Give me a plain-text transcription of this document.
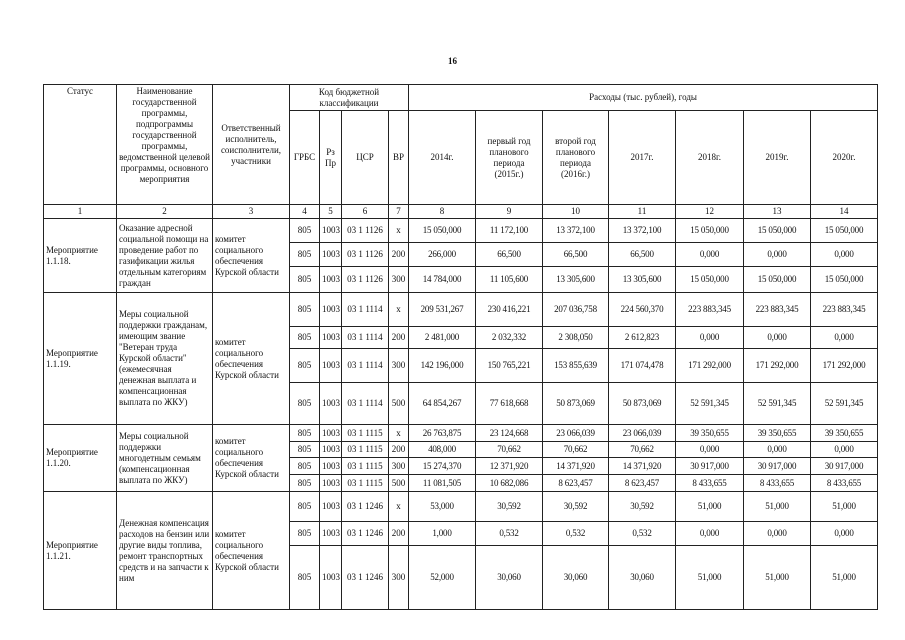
16
Статус	Наименование государственной программы, подпрограммы государственной программы, ведомственной целевой программы, основного мероприятия	Ответственный исполнитель, соисполнители, участники	Код бюджетной классификации				Расходы (тыс. рублей), годы						
			ГРБС	Рз Пр	ЦСР	ВР	2014г.	первый год планового периода (2015г.)	второй год планового периода (2016г.)	2017г.	2018г.	2019г.	2020г.
1	2	3	4	5	6	7	8	9	10	11	12	13	14
Мероприятие 1.1.18.	Оказание адресной социальной помощи на проведение работ по газификации жилья отдельным категориям граждан	комитет социального обеспечения Курской области	805	1003	03 1 1126	х	15 050,000	11 172,100	13 372,100	13 372,100	15 050,000	15 050,000	15 050,000
			805	1003	03 1 1126	200	266,000	66,500	66,500	66,500	0,000	0,000	0,000
			805	1003	03 1 1126	300	14 784,000	11 105,600	13 305,600	13 305,600	15 050,000	15 050,000	15 050,000
Мероприятие 1.1.19.	Меры социальной поддержки гражданам, имеющим звание "Ветеран труда Курской области" (ежемесячная денежная выплата и компенсационная выплата по ЖКУ)	комитет социального обеспечения Курской области	805	1003	03 1 1114	х	209 531,267	230 416,221	207 036,758	224 560,370	223 883,345	223 883,345	223 883,345
			805	1003	03 1 1114	200	2 481,000	2 032,332	2 308,050	2 612,823	0,000	0,000	0,000
			805	1003	03 1 1114	300	142 196,000	150 765,221	153 855,639	171 074,478	171 292,000	171 292,000	171 292,000
			805	1003	03 1 1114	500	64 854,267	77 618,668	50 873,069	50 873,069	52 591,345	52 591,345	52 591,345
Мероприятие 1.1.20.	Меры социальной поддержки многодетным семьям (компенсационная выплата по ЖКУ)	комитет социального обеспечения Курской области	805	1003	03 1 1115	х	26 763,875	23 124,668	23 066,039	23 066,039	39 350,655	39 350,655	39 350,655
			805	1003	03 1 1115	200	408,000	70,662	70,662	70,662	0,000	0,000	0,000
			805	1003	03 1 1115	300	15 274,370	12 371,920	14 371,920	14 371,920	30 917,000	30 917,000	30 917,000
			805	1003	03 1 1115	500	11 081,505	10 682,086	8 623,457	8 623,457	8 433,655	8 433,655	8 433,655
Мероприятие 1.1.21.	Денежная компенсация расходов на бензин или другие виды топлива, ремонт транспортных средств и на запчасти к ним	комитет социального обеспечения Курской области	805	1003	03 1 1246	х	53,000	30,592	30,592	30,592	51,000	51,000	51,000
			805	1003	03 1 1246	200	1,000	0,532	0,532	0,532	0,000	0,000	0,000
			805	1003	03 1 1246	300	52,000	30,060	30,060	30,060	51,000	51,000	51,000
